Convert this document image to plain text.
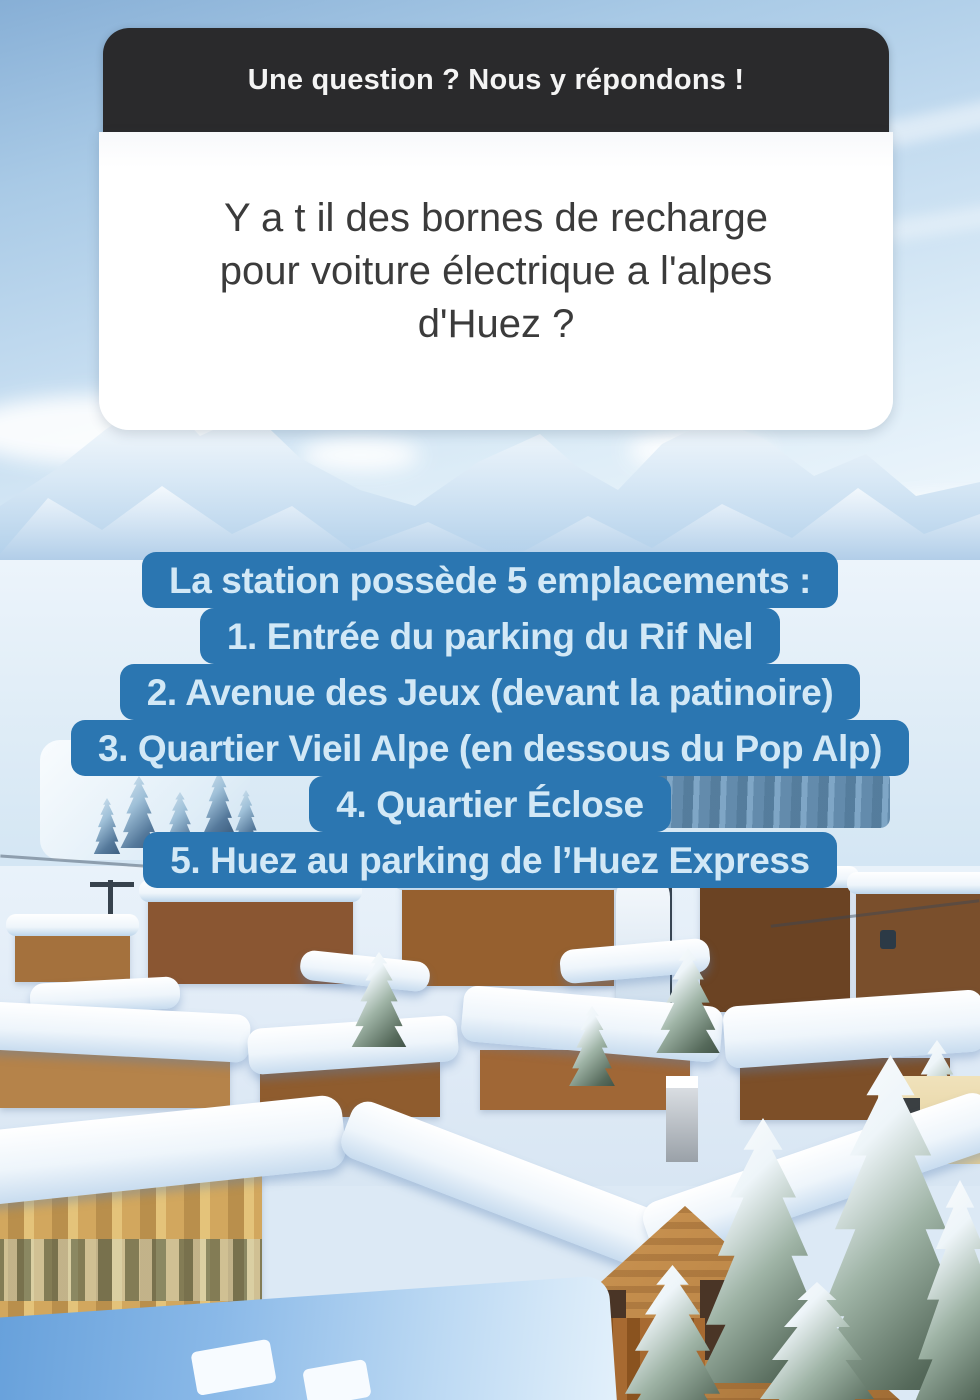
La station possède 5 emplacements :
1. Entrée du parking du Rif Nel
2. Avenue des Jeux (devant la patinoire)
3. Quartier Vieil Alpe (en dessous du Pop Alp)
4. Quartier Éclose
5. Huez au parking de l’Huez Express
Une question ? Nous y répondons !
Y a t il des bornes de recharge
pour voiture électrique a l'alpes
d'Huez ?
